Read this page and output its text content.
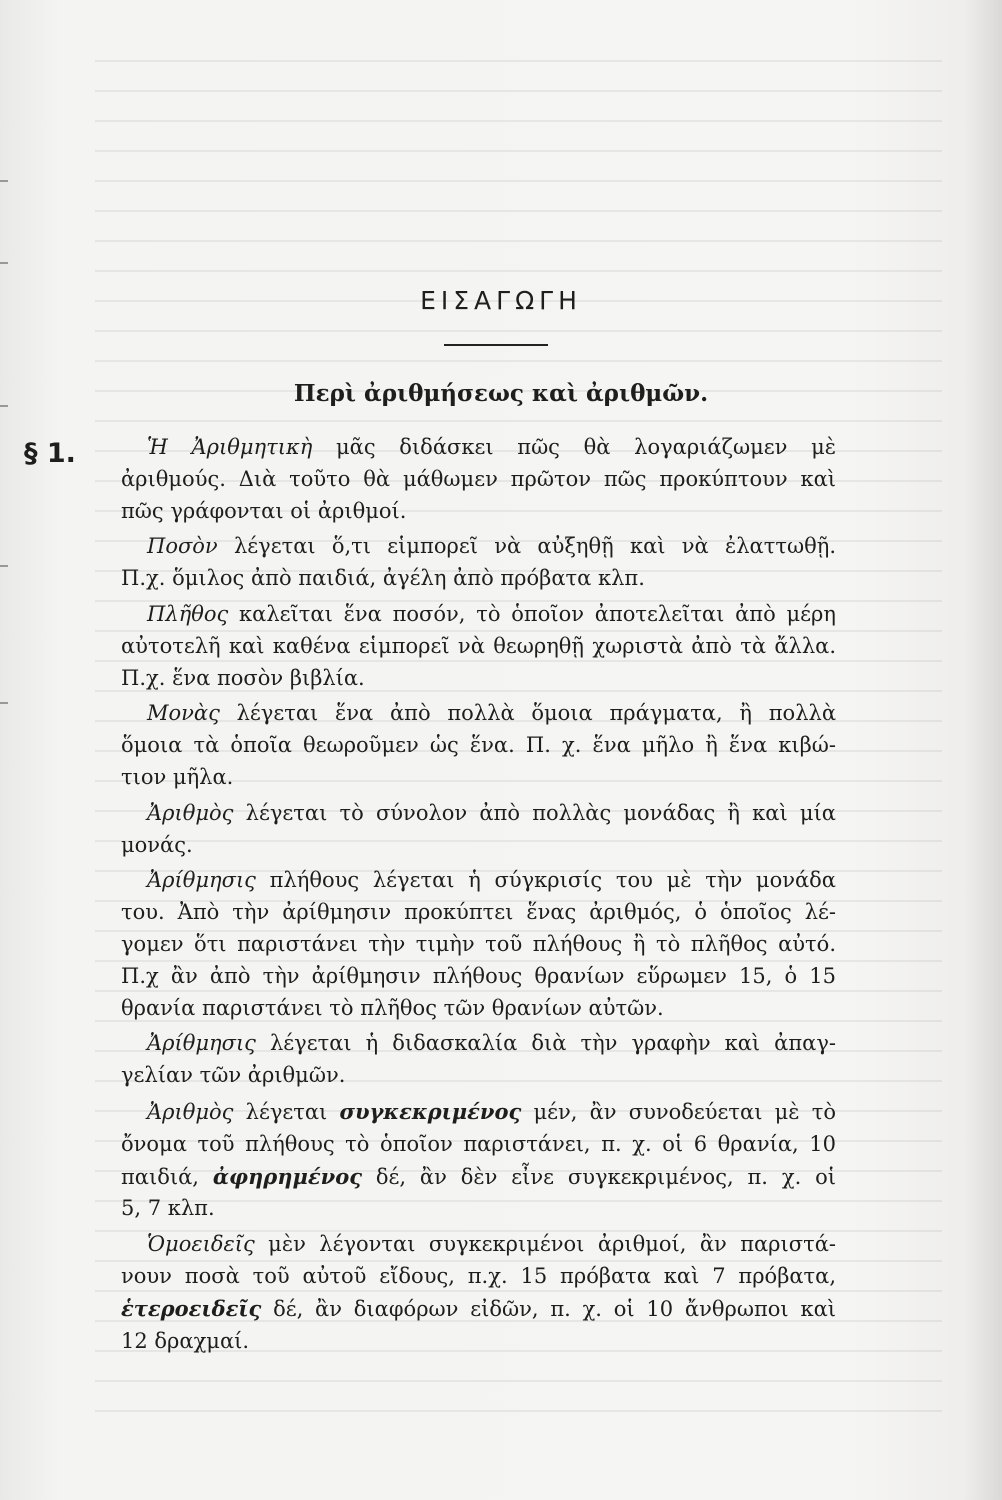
ΕΙΣΑΓΩΓΗ
Περὶ ἀριθμήσεως καὶ ἀριθμῶν.
§ 1.	Ἡ Ἀριθμητικὴ μᾶς διδάσκει πῶς θὰ λογαριάζωμεν μὲ
ἀριθμούς. Διὰ τοῦτο θὰ μάθωμεν πρῶτον πῶς προκύπτουν καὶ
πῶς γράφονται οἱ ἀριθμοί.
Ποσὸν λέγεται ὅ,τι εἱμπορεῖ νὰ αὐξηθῇ καὶ νὰ ἐλαττωθῇ.
Π.χ. ὅμιλος ἀπὸ παιδιά, ἀγέλη ἀπὸ πρόβατα κλπ.
Πλῆθος καλεῖται ἕνα ποσόν, τὸ ὁποῖον ἀποτελεῖται ἀπὸ μέρη
αὐτοτελῆ καὶ καθένα εἱμπορεῖ νὰ θεωρηθῇ χωριστὰ ἀπὸ τὰ ἄλλα.
Π.χ. ἕνα ποσὸν βιβλία.
Μονὰς λέγεται ἕνα ἀπὸ πολλὰ ὅμοια πράγματα, ἢ πολλὰ
ὅμοια τὰ ὁποῖα θεωροῦμεν ὡς ἕνα. Π. χ. ἕνα μῆλο ἢ ἕνα κιβώ-
τιον μῆλα.
Ἀριθμὸς λέγεται τὸ σύνολον ἀπὸ πολλὰς μονάδας ἢ καὶ μία
μονάς.
Ἀρίθμησις πλήθους λέγεται ἡ σύγκρισίς του μὲ τὴν μονάδα
του. Ἀπὸ τὴν ἀρίθμησιν προκύπτει ἕνας ἀριθμός, ὁ ὁποῖος λέ-
γομεν ὅτι παριστάνει τὴν τιμὴν τοῦ πλήθους ἢ τὸ πλῆθος αὐτό.
Π.χ ἂν ἀπὸ τὴν ἀρίθμησιν πλήθους θρανίων εὕρωμεν 15, ὁ 15
θρανία παριστάνει τὸ πλῆθος τῶν θρανίων αὐτῶν.
Ἀρίθμησις λέγεται ἡ διδασκαλία διὰ τὴν γραφὴν καὶ ἀπαγ-
γελίαν τῶν ἀριθμῶν.
Ἀριθμὸς λέγεται συγκεκριμένος μέν, ἂν συνοδεύεται μὲ τὸ
ὄνομα τοῦ πλήθους τὸ ὁποῖον παριστάνει, π. χ. οἱ 6 θρανία, 10
παιδιά, ἀφηρημένος δέ, ἂν δὲν εἶνε συγκεκριμένος, π. χ. οἱ
5, 7 κλπ.
Ὁμοειδεῖς μὲν λέγονται συγκεκριμένοι ἀριθμοί, ἂν παριστά-
νουν ποσὰ τοῦ αὐτοῦ εἴδους, π.χ. 15 πρόβατα καὶ 7 πρόβατα,
ἑτεροειδεῖς δέ, ἂν διαφόρων εἰδῶν, π. χ. οἱ 10 ἄνθρωποι καὶ
12 δραχμαί.
